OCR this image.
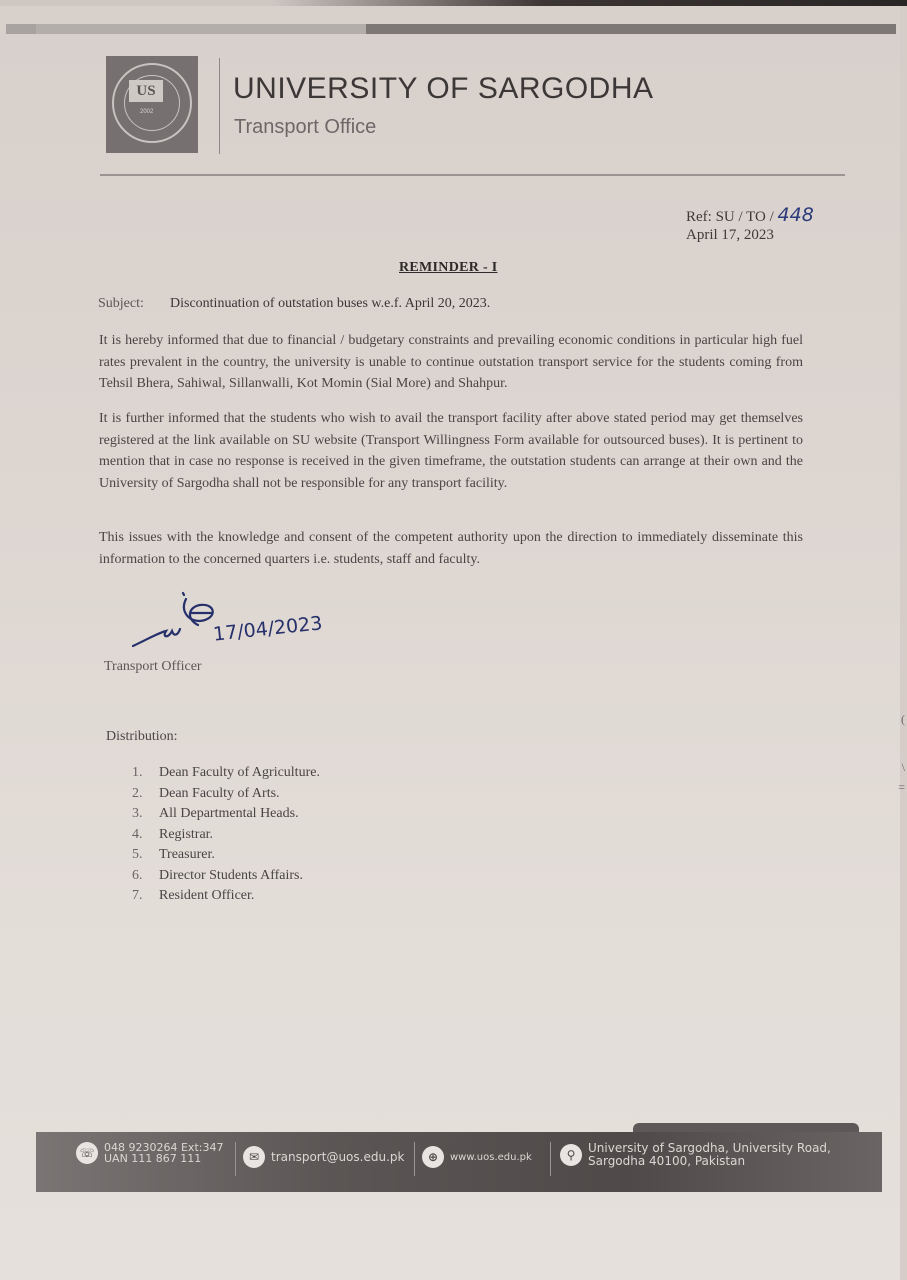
US
2002
UNIVERSITY OF SARGODHA
Transport Office
Ref: SU / TO / 448
April 17, 2023
REMINDER - I
Subject: Discontinuation of outstation buses w.e.f. April 20, 2023.
It is hereby informed that due to financial / budgetary constraints and prevailing economic conditions in particular high fuel rates prevalent in the country, the university is unable to continue outstation transport service for the students coming from Tehsil Bhera, Sahiwal, Sillanwalli, Kot Momin (Sial More) and Shahpur.
It is further informed that the students who wish to avail the transport facility after above stated period may get themselves registered at the link available on SU website (Transport Willingness Form available for outsourced buses). It is pertinent to mention that in case no response is received in the given timeframe, the outstation students can arrange at their own and the University of Sargodha shall not be responsible for any transport facility.
This issues with the knowledge and consent of the competent authority upon the direction to immediately disseminate this information to the concerned quarters i.e. students, staff and faculty.
17/04/2023
Transport Officer
Distribution:
1. Dean Faculty of Agriculture.
2. Dean Faculty of Arts.
3. All Departmental Heads.
4. Registrar.
5. Treasurer.
6. Director Students Affairs.
7. Resident Officer.
☏ 048 9230264 Ext:347
UAN 111 867 111	✉ transport@uos.edu.pk	⊕	www.uos.edu.pk	⚲	University of Sargodha, University Road,
Sargodha 40100, Pakistan
(
\
=
